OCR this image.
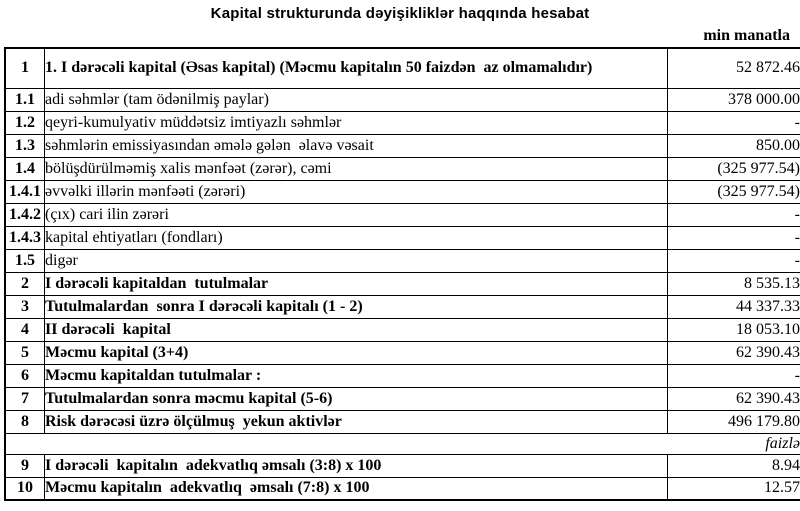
Kapital strukturunda dəyişikliklər haqqında hesabat
min manatla
1	1. I dərəcəli kapital (Əsas kapital) (Məcmu kapitalın 50 faizdən  az olmamalıdır)	52 872.46
1.1	adi səhmlər (tam ödənilmiş paylar)	378 000.00
1.2	qeyri-kumulyativ müddətsiz imtiyazlı səhmlər	-
1.3	səhmlərin emissiyasından əmələ gələn  əlavə vəsait	850.00
1.4	bölüşdürülməmiş xalis mənfəət (zərər), cəmi	(325 977.54)
1.4.1	əvvəlki illərin mənfəəti (zərəri)	(325 977.54)
1.4.2	(çıx) cari ilin zərəri	-
1.4.3	kapital ehtiyatları (fondları)	-
1.5	digər	-
2	I dərəcəli kapitaldan  tutulmalar	8 535.13
3	Tutulmalardan  sonra I dərəcəli kapitalı (1 - 2)	44 337.33
4	II dərəcəli  kapital	18 053.10
5	Məcmu kapital (3+4)	62 390.43
6	Məcmu kapitaldan tutulmalar :	-
7	Tutulmalardan sonra məcmu kapital (5-6)	62 390.43
8	Risk dərəcəsi üzrə ölçülmuş  yekun aktivlər	496 179.80
faizlə		
9	I dərəcəli  kapitalın  adekvatlıq əmsalı (3:8) x 100	8.94
10	Məcmu kapitalın  adekvatlıq  əmsalı (7:8) x 100	12.57
